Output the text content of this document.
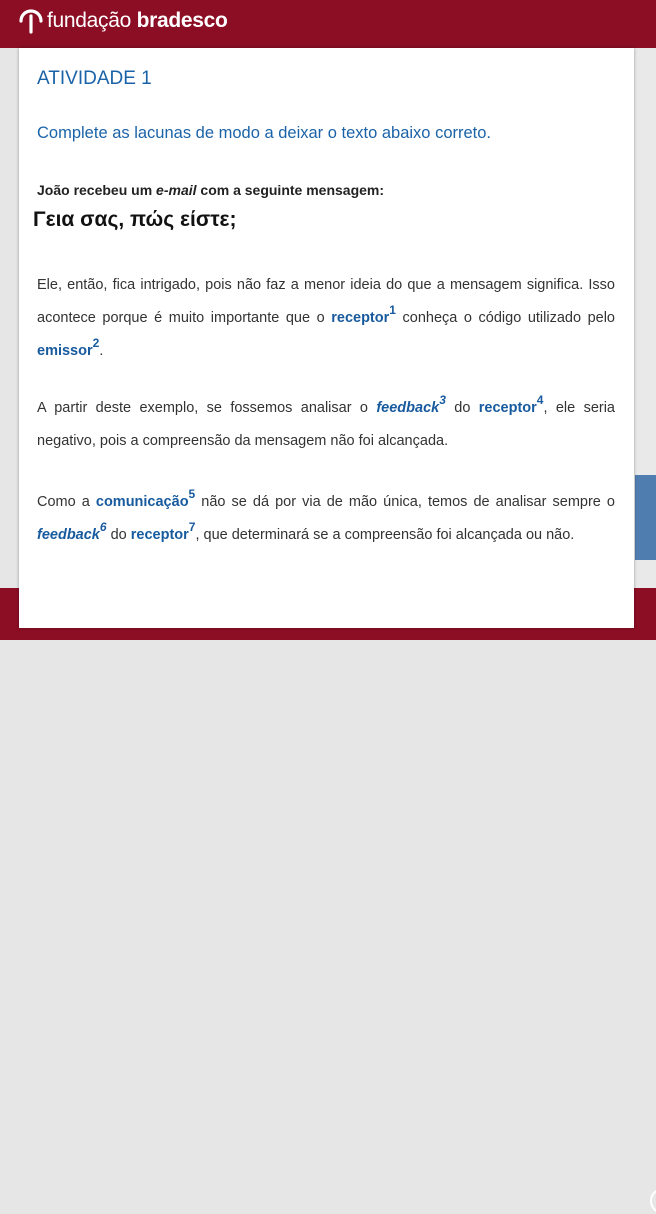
fundação bradesco
ATIVIDADE 1

Complete as lacunas de modo a deixar o texto abaixo correto.

João recebeu um e-mail com a seguinte mensagem:

Γεια σας, πώς είστε;

Ele, então, fica intrigado, pois não faz a menor ideia do que a mensagem significa. Isso acontece porque é muito importante que o receptor$^1$ conheça o código utilizado pelo emissor$^2$.

A partir deste exemplo, se fossemos analisar o feedback$^3$ do receptor$^4$, ele seria negativo, pois a compreensão da mensagem não foi alcançada.

Como a comunicação$^5$ não se dá por via de mão única, temos de analisar sempre o feedback$^6$ do receptor$^7$, que determinará se a compreensão foi alcançada ou não.
